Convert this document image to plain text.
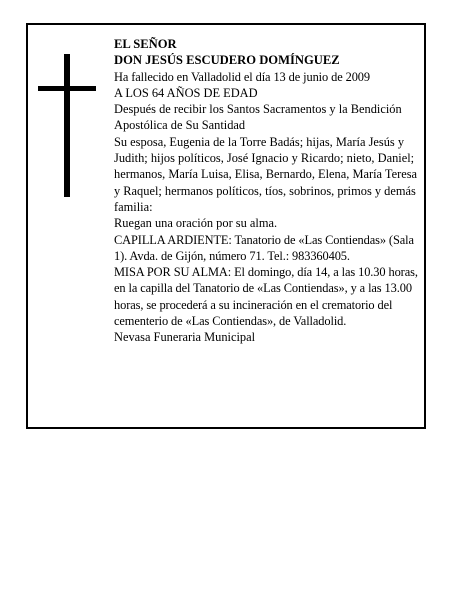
EL SEÑOR

DON JESÚS ESCUDERO DOMÍNGUEZ

Ha fallecido en Valladolid el día 13 de junio de 2009

A LOS 64 AÑOS DE EDAD

Después de recibir los Santos Sacramentos y la Bendición Apostólica de Su Santidad

Su esposa, Eugenia de la Torre Badás; hijas, María Jesús y Judith; hijos políticos, José Ignacio y Ricardo; nieto, Daniel; hermanos, María Luisa, Elisa, Bernardo, Elena, María Teresa y Raquel; hermanos políticos, tíos, sobrinos, primos y demás familia:

Ruegan una oración por su alma.

CAPILLA ARDIENTE: Tanatorio de «Las Contiendas» (Sala 1). Avda. de Gijón, número 71. Tel.: 983360405.

MISA POR SU ALMA: El domingo, día 14, a las 10.30 horas, en la capilla del Tanatorio de «Las Contiendas», y a las 13.00 horas, se procederá a su incineración en el crematorio del cementerio de «Las Contiendas», de Valladolid.

Nevasa Funeraria Municipal
